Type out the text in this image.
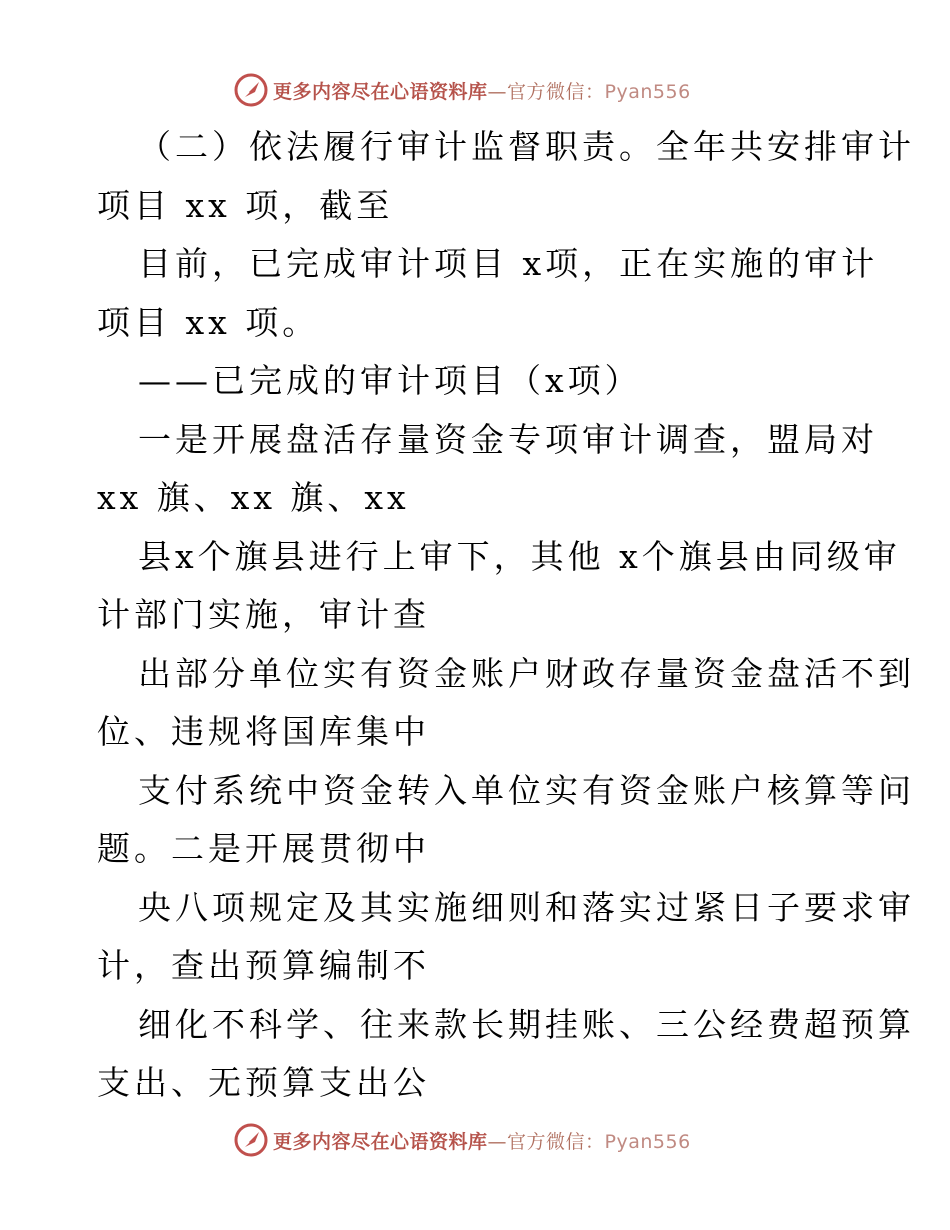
更多内容尽在心语资料库—官方微信：Pyan556
（二）依法履行审计监督职责。全年共安排审计
项目 xx 项，截至
目前，已完成审计项目 x项，正在实施的审计
项目 xx 项。
——已完成的审计项目（x项）
一是开展盘活存量资金专项审计调查，盟局对
xx 旗、xx 旗、xx
县x个旗县进行上审下，其他 x个旗县由同级审
计部门实施，审计查
出部分单位实有资金账户财政存量资金盘活不到
位、违规将国库集中
支付系统中资金转入单位实有资金账户核算等问
题。二是开展贯彻中
央八项规定及其实施细则和落实过紧日子要求审
计，查出预算编制不
细化不科学、往来款长期挂账、三公经费超预算
支出、无预算支出公
更多内容尽在心语资料库—官方微信：Pyan556
